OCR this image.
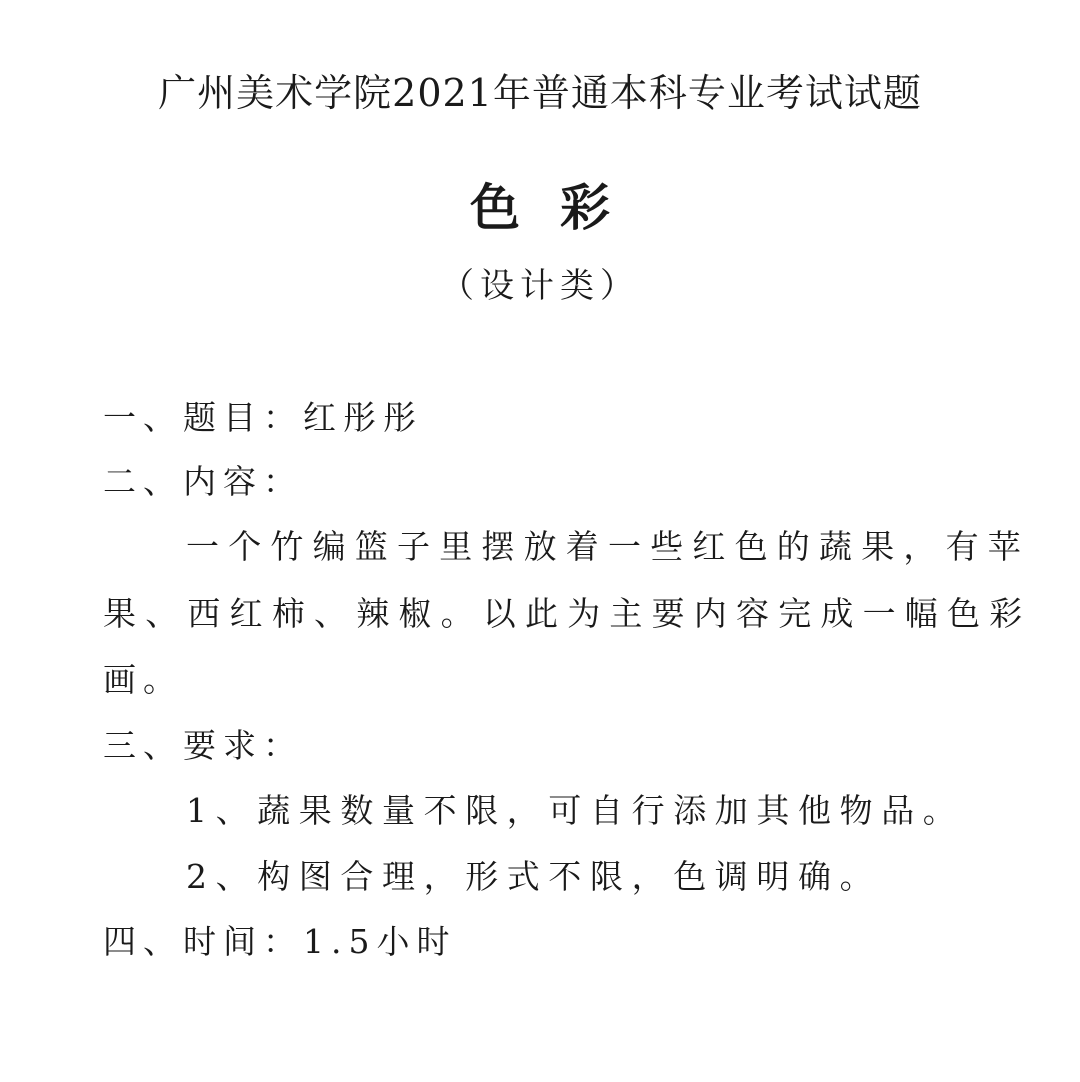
广州美术学院2021年普通本科专业考试试题
色彩
（设计类）

一、题目：红彤彤

二、内容：

一个竹编篮子里摆放着一些红色的蔬果，有苹

果、西红柿、辣椒。以此为主要内容完成一幅色彩

画。

三、要求：

1、蔬果数量不限，可自行添加其他物品。

2、构图合理，形式不限，色调明确。

四、时间：1.5小时
